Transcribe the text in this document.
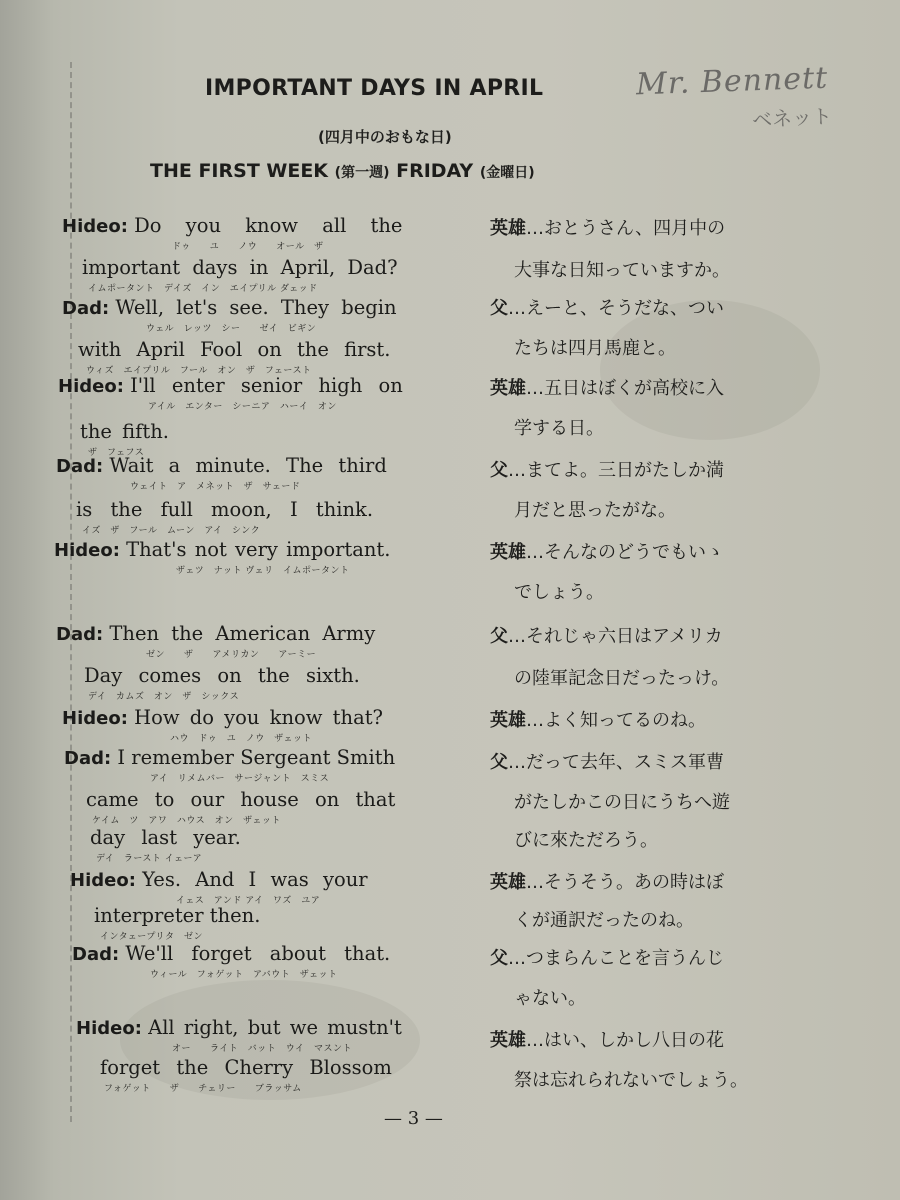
IMPORTANT DAYS IN APRIL	Mr. Bennett
ベネット
(四月中のおもな日)
THE FIRST WEEK (第一週) FRIDAY (金曜日)
Hideo: Do you know all the
ドゥ　　ユ　　ノウ　　オール　ザ
important days in April, Dad?
イムポータント　デイズ　イン　エイプリル ダェッド
Dad: Well, let's see. They begin
ウェル　レッツ　シー　　ゼイ　ビギン
with April Fool on the first.
ウィズ　エイプリル　フール　オン　ザ　フェースト
Hideo: I'll enter senior high on
アイル　エンター　シーニア　ハーイ　オン
the fifth.
ザ　フェフス
Dad: Wait a minute. The third
ウェイト　ア　メネット　ザ　サェード
is the full moon, I think.
イズ　ザ　フール　ムーン　アイ　シンク
Hideo: That's not very important.
ザェツ　ナット ヴェリ　イムポータント
Dad: Then the American Army
ゼン　　ザ　　アメリカン　　アーミー
Day comes on the sixth.
デイ　カムズ　オン　ザ　シックス
Hideo: How do you know that?
ハウ　ドゥ　ユ　ノウ　ザェット
Dad: I remember Sergeant Smith
アイ　リメムバー　サージャント　スミス
came to our house on that
ケイム　ツ　アワ　ハウス　オン　ザェット
day last year.
デイ　ラースト イェーア
Hideo: Yes. And I was your
イェス　アンド アイ　ワズ　ユア
interpreter then.
インタェープリタ　ゼン
Dad: We'll forget about that.
ウィール　フォゲット　アバウト　ザェット
Hideo: All right, but we mustn't
オー　　ライト　バット　ウイ　マスント
forget the Cherry Blossom
フォゲット　　ザ　　チェリー　　ブラッサム
英雄…おとうさん、四月中の
大事な日知っていますか。
父…えーと、そうだな、つい
たちは四月馬鹿と。
英雄…五日はぼくが高校に入
学する日。
父…まてよ。三日がたしか満
月だと思ったがな。
英雄…そんなのどうでもいゝ
でしょう。
父…それじゃ六日はアメリカ
の陸軍記念日だったっけ。
英雄…よく知ってるのね。
父…だって去年、スミス軍曹
がたしかこの日にうちへ遊
びに來ただろう。
英雄…そうそう。あの時はぼ
くが通訳だったのね。
父…つまらんことを言うんじ
ゃない。
英雄…はい、しかし八日の花
祭は忘れられないでしょう。
— 3 —
